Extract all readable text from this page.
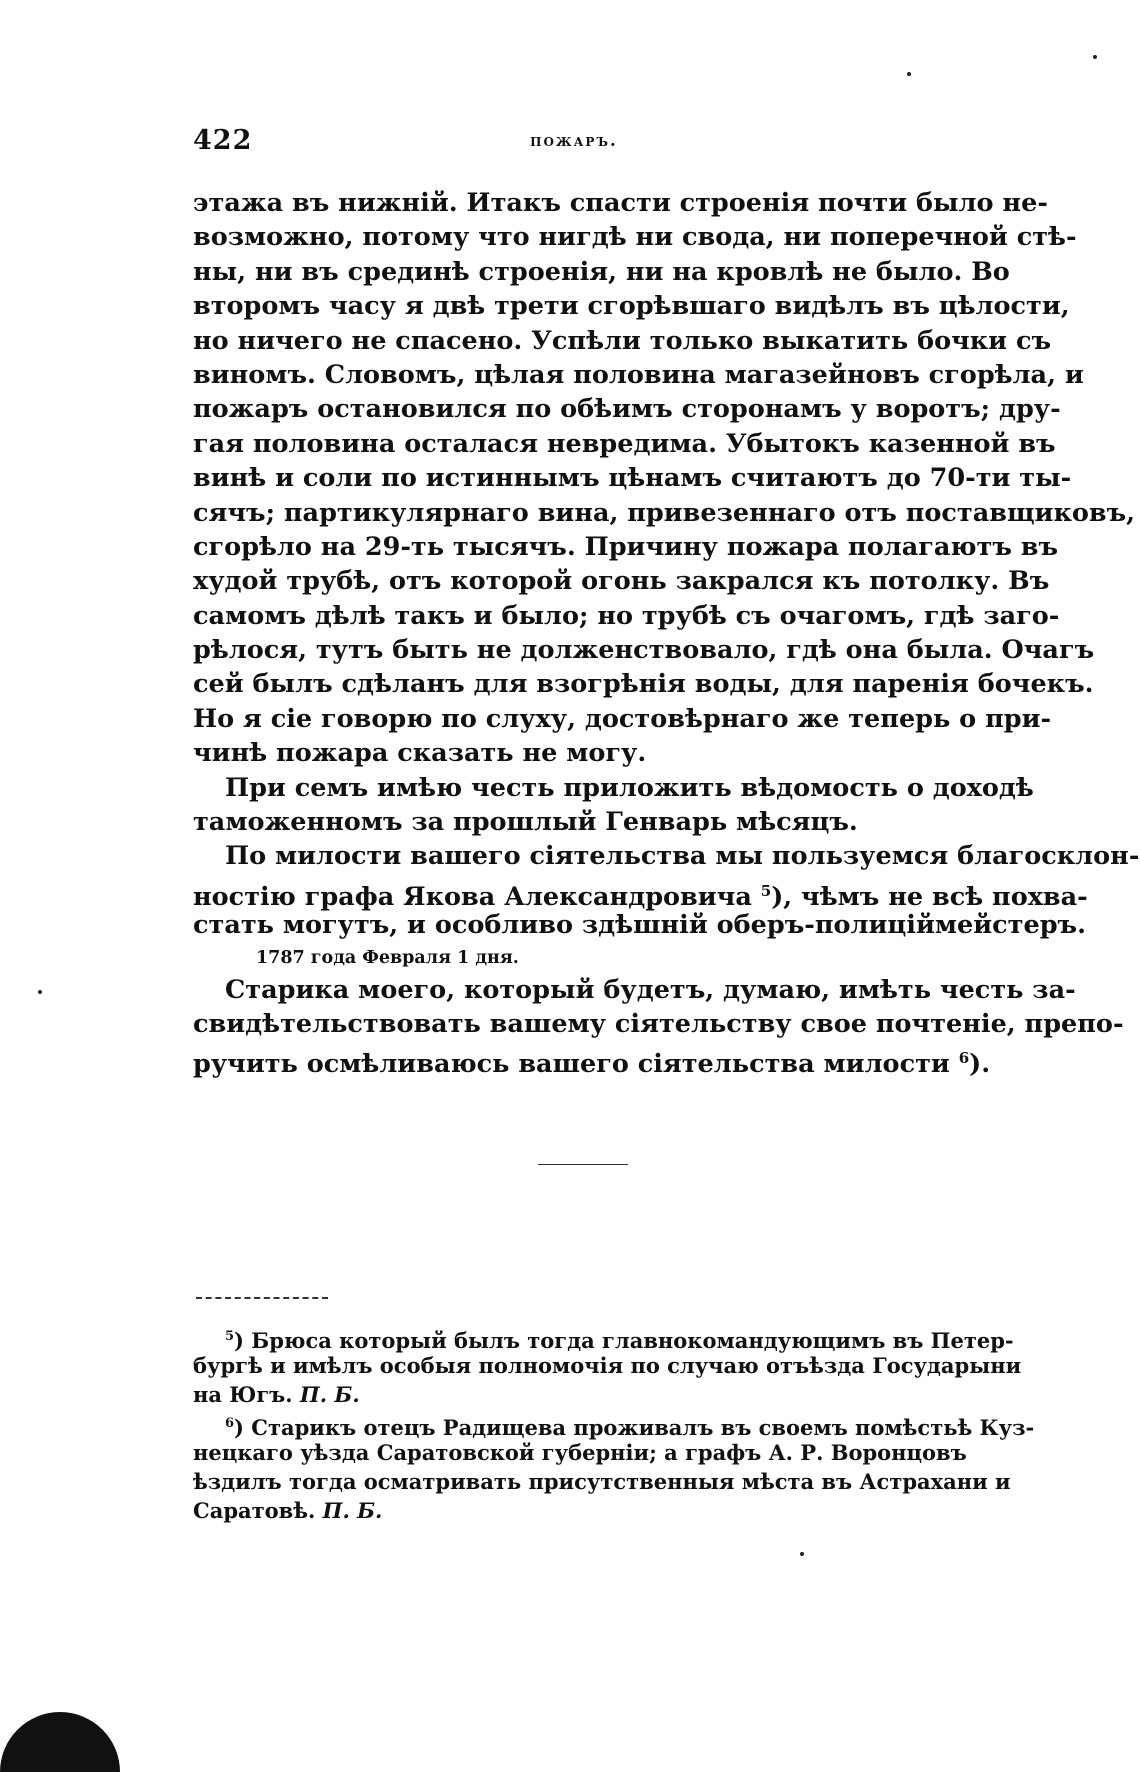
422	пожаръ.
этажа въ нижній. Итакъ спасти строенія почти было не-
возможно, потому что нигдѣ ни свода, ни поперечной стѣ-
ны, ни въ срединѣ строенія, ни на кровлѣ не было. Во
второмъ часу я двѣ трети сгорѣвшаго видѣлъ въ цѣлости,
но ничего не спасено. Успѣли только выкатить бочки съ
виномъ. Словомъ, цѣлая половина магазейновъ сгорѣла, и
пожаръ остановился по обѣимъ сторонамъ у воротъ; дру-
гая половина осталася невредима. Убытокъ казенной въ
винѣ и соли по истиннымъ цѣнамъ считаютъ до 70-ти ты-
сячъ; партикулярнаго вина, привезеннаго отъ поставщиковъ,
сгорѣло на 29-ть тысячъ. Причину пожара полагаютъ въ
худой трубѣ, отъ которой огонь закрался къ потолку. Въ
самомъ дѣлѣ такъ и было; но трубѣ съ очагомъ, гдѣ заго-
рѣлося, тутъ быть не долженствовало, гдѣ она была. Очагъ
сей былъ сдѣланъ для взогрѣнія воды, для паренія бочекъ.
Но я сіе говорю по слуху, достовѣрнаго же теперь о при-
чинѣ пожара сказать не могу.
При семъ имѣю честь приложить вѣдомость о доходѣ
таможенномъ за прошлый Генварь мѣсяцъ.
По милости вашего сіятельства мы пользуемся благосклон-
ностію графа Якова Александровича $^5$), чѣмъ не всѣ похва-
стать могутъ, и особливо здѣшній оберъ-полиціймейстеръ.
1787 года Февраля 1 дня.
Старика моего, который будетъ, думаю, имѣть честь за-
свидѣтельствовать вашему сіятельству свое почтеніе, препо-
ручить осмѣливаюсь вашего сіятельства милости $^6$).
$^5$) Брюса который былъ тогда главнокомандующимъ въ Петер-
бургѣ и имѣлъ особыя полномочія по случаю отъѣзда Государыни
на Югъ. П. Б.
$^6$) Старикъ отецъ Радищева проживалъ въ своемъ помѣстьѣ Куз-
нецкаго уѣзда Саратовской губерніи; а графъ А. Р. Воронцовъ
ѣздилъ тогда осматривать присутственныя мѣста въ Астрахани и
Саратовѣ. П. Б.
